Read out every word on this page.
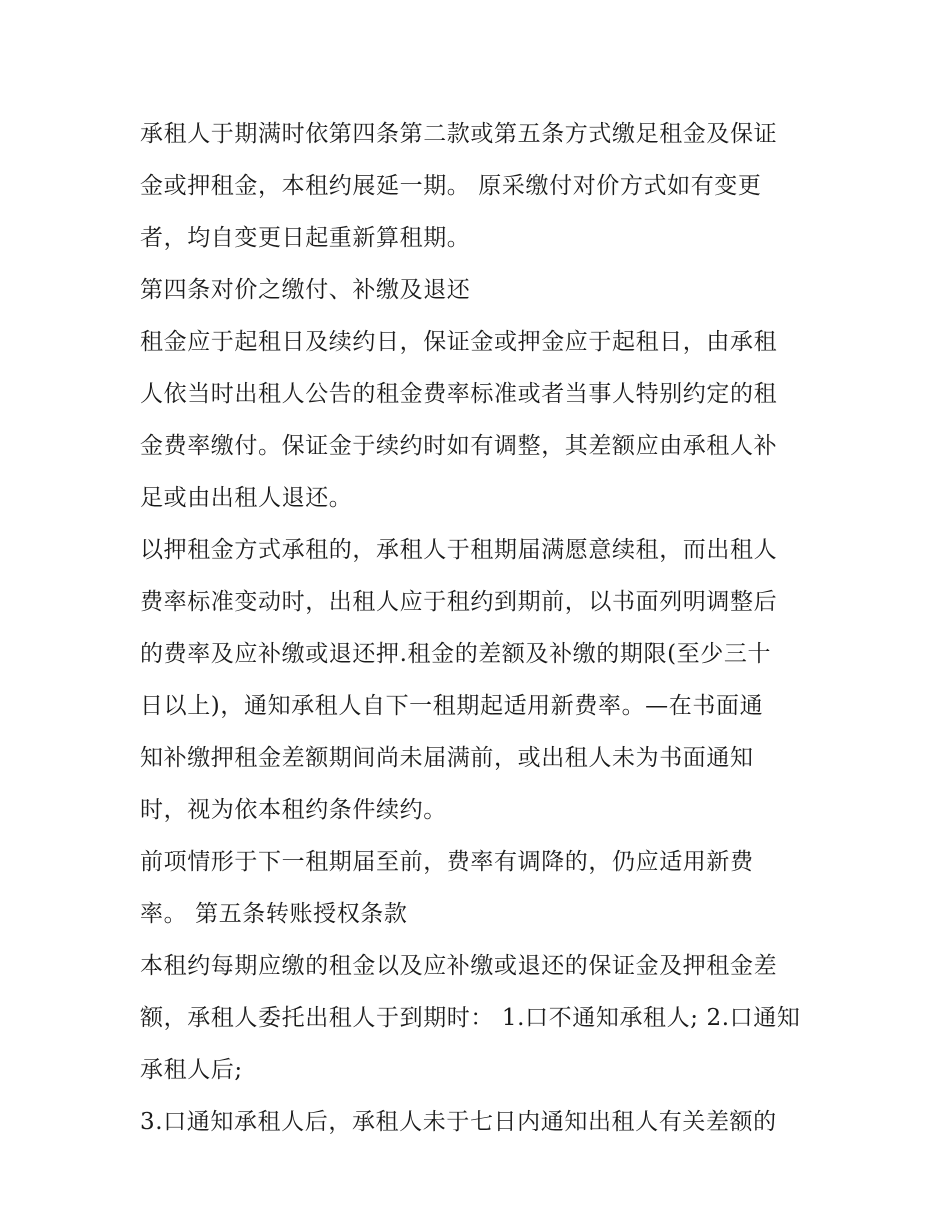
承租人于期满时依第四条第二款或第五条方式缴足租金及保证
金或押租金，本租约展延一期。 原采缴付对价方式如有变更
者，均自变更日起重新算租期。
第四条对价之缴付、补缴及退还
租金应于起租日及续约日，保证金或押金应于起租日，由承租
人依当时出租人公告的租金费率标准或者当事人特别约定的租
金费率缴付。保证金于续约时如有调整，其差额应由承租人补
足或由出租人退还。
以押租金方式承租的，承租人于租期届满愿意续租，而出租人
费率标准变动时，出租人应于租约到期前，以书面列明调整后
的费率及应补缴或退还押.租金的差额及补缴的期限(至少三十
日以上)，通知承租人自下一租期起适用新费率。—在书面通
知补缴押租金差额期间尚未届满前，或出租人未为书面通知
时，视为依本租约条件续约。
前项情形于下一租期届至前，费率有调降的，仍应适用新费
率。 第五条转账授权条款
本租约每期应缴的租金以及应补缴或退还的保证金及押租金差
额，承租人委托出租人于到期时： 1.口不通知承租人; 2.口通知
承租人后;
3.口通知承租人后，承租人未于七日内通知出租人有关差额的
